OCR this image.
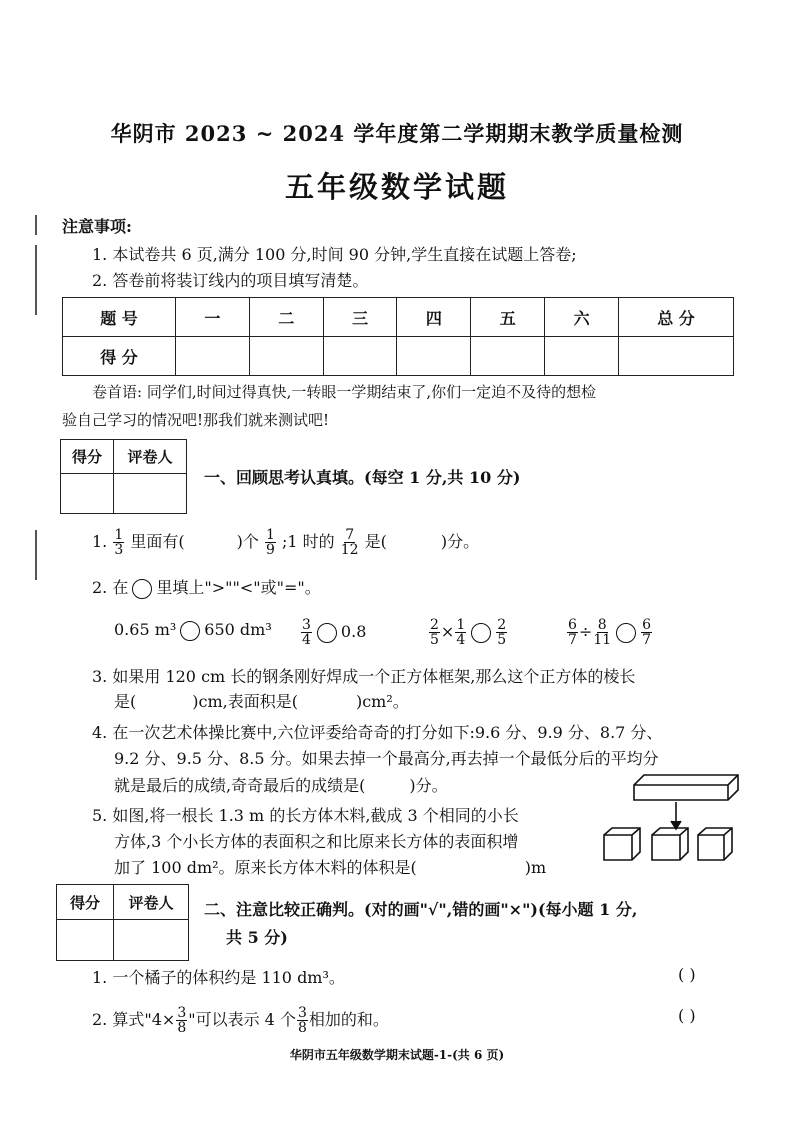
华阴市 2023 ~ 2024 学年度第二学期期末教学质量检测
五年级数学试题
注意事项:
1. 本试卷共 6 页,满分 100 分,时间 90 分钟,学生直接在试题上答卷;
2. 答卷前将装订线内的项目填写清楚。
题 号	一	二	三	四	五	六	总 分
得 分							
卷首语: 同学们,时间过得真快,一转眼一学期结束了,你们一定迫不及待的想检
验自己学习的情况吧!那我们就来测试吧!
得分	评卷人

一、回顾思考认真填。(每空 1 分,共 10 分)
1. $\frac{1}{3}$ 里面有(	)个 $\frac{1}{9}$ ;1 时的 $\frac{7}{12}$ 是(	)分。
2. 在 里填上">""<"或"="。
0.65 m³ 650 $dm^3 \frac{3}{4} 0.8$	$\frac{2}{5} \times \frac{1}{4} \frac{2}{5}$	$\frac{6}{7} \div \frac{8}{11} \frac{6}{7}$
3. 如果用 120 cm 长的钢条刚好焊成一个正方体框架,那么这个正方体的棱长
是(	)cm,表面积是(	)cm²。
4. 在一次艺术体操比赛中,六位评委给奇奇的打分如下:9.6 分、9.9 分、8.7 分、
9.2 分、9.5 分、8.5 分。如果去掉一个最高分,再去掉一个最低分后的平均分
就是最后的成绩,奇奇最后的成绩是(	)分。
5. 如图,将一根长 1.3 m 的长方体木料,截成 3 个相同的小长
方体,3 个小长方体的表面积之和比原来长方体的表面积增
加了 100 dm²。原来长方体木料的体积是(	)m
得分	评卷人
	二、注意比较正确判。(对的画"√",错的画"×")(每小题 1 分,
共 5 分)
1. 一个橘子的体积约是 110 dm³。	( )
2. 算式"$4\times \frac{3}{8}$ "可以表示 4 个 $\frac{3}{8}$ 相加的和。	( )
华阴市五年级数学期末试题-1-(共 6 页)
